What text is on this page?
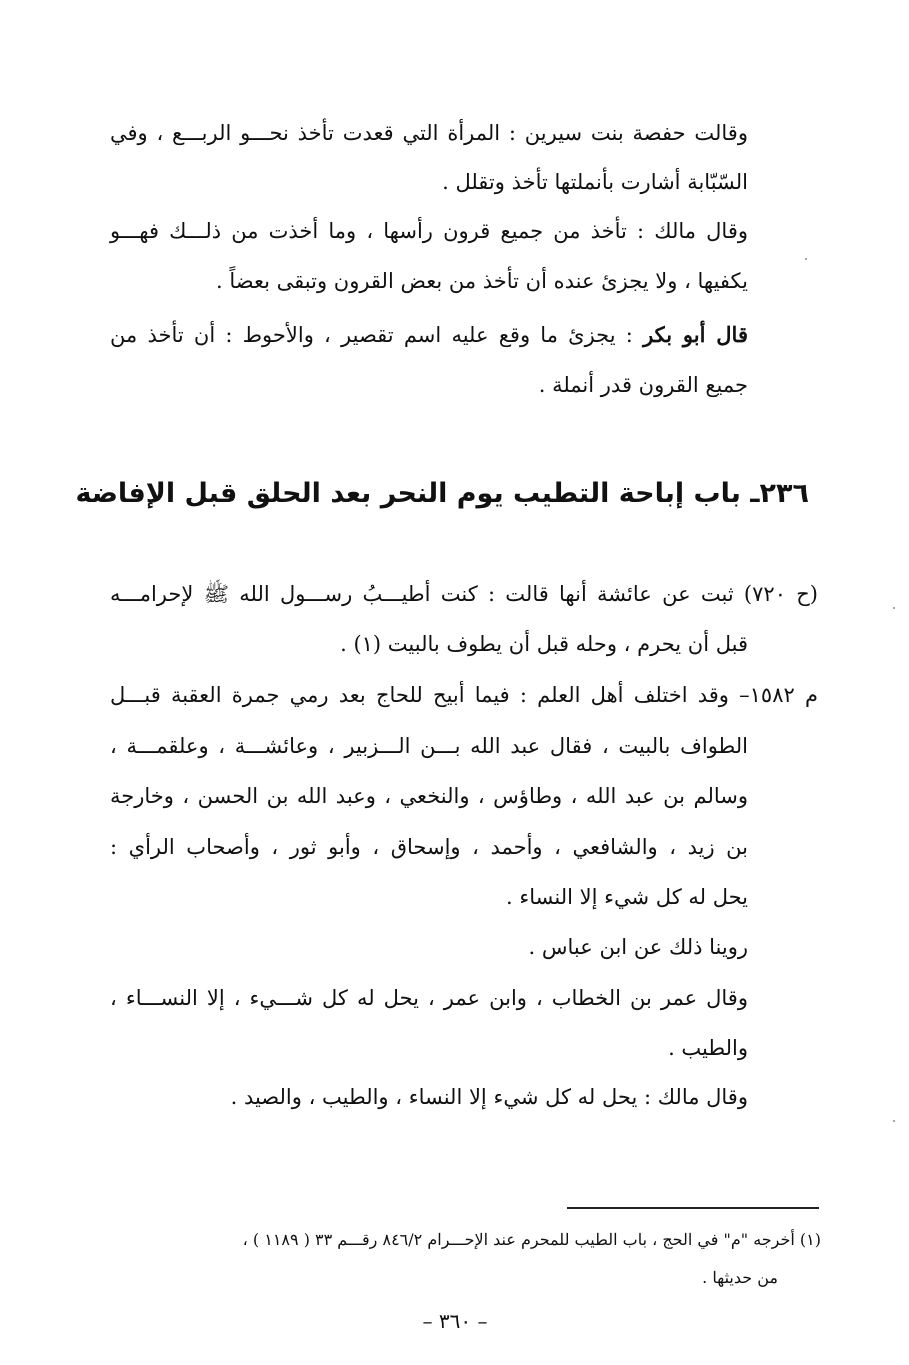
وقالت حفصة بنت سيرين : المرأة التي قعدت تأخذ نحـــو الربـــع ، وفي
السّبّابة أشارت بأنملتها تأخذ وتقلل .
وقال مالك : تأخذ من جميع قرون رأسها ، وما أخذت من ذلـــك فهـــو
يكفيها ، ولا يجزئ عنده أن تأخذ من بعض القرون وتبقى بعضاً .
قال أبو بكر : يجزئ ما وقع عليه اسم تقصير ، والأحوط : أن تأخذ من
جميع القرون قدر أنملة .
٢٣٦ـ باب إباحة التطيب يوم النحر بعد الحلق قبل الإفاضة
(ح ٧٢٠) ثبت عن عائشة أنها قالت : كنت أطيـــبُ رســـول الله ﷺ لإحرامـــه
قبل أن يحرم ، وحله قبل أن يطوف بالبيت (١) .
م ١٥٨٢– وقد اختلف أهل العلم : فيما أبيح للحاج بعد رمي جمرة العقبة قبـــل
الطواف بالبيت ، فقال عبد الله بـــن الـــزبير ، وعائشـــة ، وعلقمـــة ،
وسالم بن عبد الله ، وطاؤس ، والنخعي ، وعبد الله بن الحسن ، وخارجة
بن زيد ، والشافعي ، وأحمد ، وإسحاق ، وأبو ثور ، وأصحاب الرأي :
يحل له كل شيء إلا النساء .
روينا ذلك عن ابن عباس .
وقال عمر بن الخطاب ، وابن عمر ، يحل له كل شـــيء ، إلا النســـاء ،
والطيب .
وقال مالك : يحل له كل شيء إلا النساء ، والطيب ، والصيد .
(١) أخرجه "م" في الحج ، باب الطيب للمحرم عند الإحـــرام ٨٤٦/٢ رقـــم ٣٣ ( ١١٨٩ ) ،
من حديثها .
– ٣٦٠ –
